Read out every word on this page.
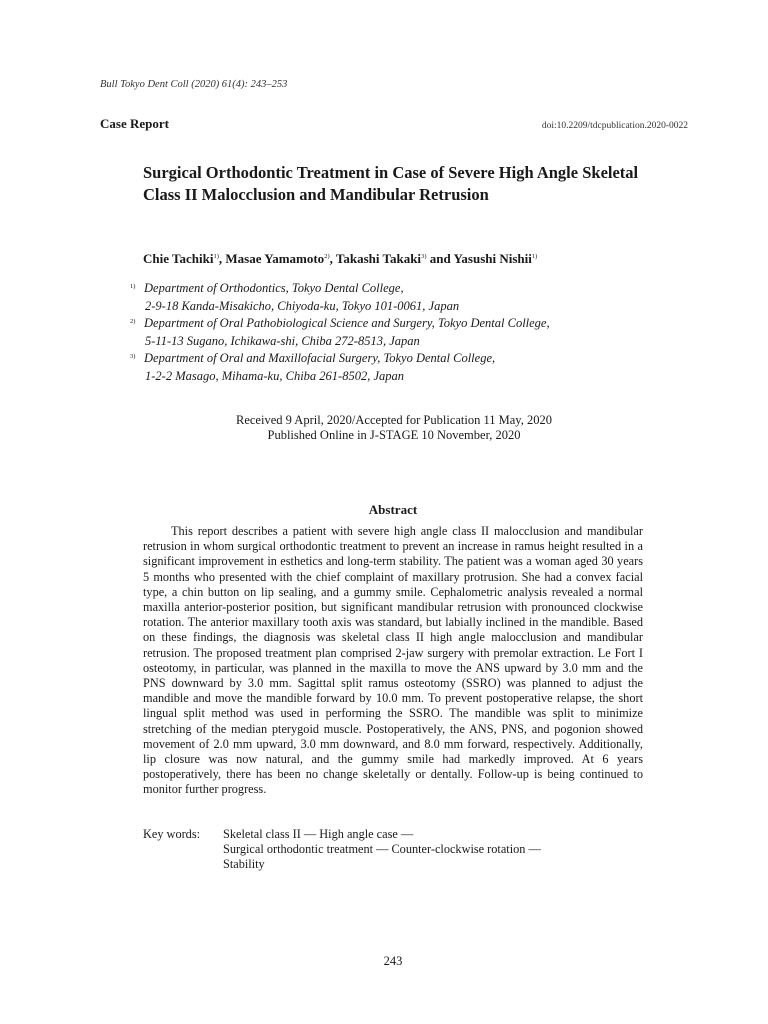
Bull Tokyo Dent Coll (2020) 61(4): 243–253
Case Report	doi:10.2209/tdcpublication.2020-0022
Surgical Orthodontic Treatment in Case of Severe High Angle Skeletal Class II Malocclusion and Mandibular Retrusion
Chie Tachiki$^{1)}$, Masae Yamamoto$^{2)}$, Takashi Takaki$^{3)}$ and Yasushi Nishii$^{1)}$
1) Department of Orthodontics, Tokyo Dental College,
2-9-18 Kanda-Misakicho, Chiyoda-ku, Tokyo 101-0061, Japan
2) Department of Oral Pathobiological Science and Surgery, Tokyo Dental College,
5-11-13 Sugano, Ichikawa-shi, Chiba 272-8513, Japan
3) Department of Oral and Maxillofacial Surgery, Tokyo Dental College,
1-2-2 Masago, Mihama-ku, Chiba 261-8502, Japan
Received 9 April, 2020/Accepted for Publication 11 May, 2020
Published Online in J-STAGE 10 November, 2020
Abstract

This report describes a patient with severe high angle class II malocclusion and mandibular retrusion in whom surgical orthodontic treatment to prevent an increase in ramus height resulted in a significant improvement in esthetics and long-term stability. The patient was a woman aged 30 years 5 months who presented with the chief complaint of maxillary protrusion. She had a convex facial type, a chin button on lip sealing, and a gummy smile. Cephalometric analysis revealed a normal maxilla anterior-posterior position, but significant mandibular retrusion with pronounced clockwise rotation. The anterior maxillary tooth axis was standard, but labially inclined in the mandible. Based on these findings, the diagnosis was skeletal class II high angle malocclusion and mandibular retrusion. The proposed treatment plan comprised 2-jaw surgery with premolar extraction. Le Fort I osteotomy, in particular, was planned in the maxilla to move the ANS upward by 3.0 mm and the PNS downward by 3.0 mm. Sagittal split ramus osteotomy (SSRO) was planned to adjust the mandible and move the mandible forward by 10.0 mm. To prevent postoperative relapse, the short lingual split method was used in performing the SSRO. The mandible was split to minimize stretching of the median pterygoid muscle. Postoperatively, the ANS, PNS, and pogonion showed movement of 2.0 mm upward, 3.0 mm downward, and 8.0 mm forward, respectively. Additionally, lip closure was now natural, and the gummy smile had markedly improved. At 6 years postoperatively, there has been no change skeletally or dentally. Follow-up is being continued to monitor further progress.

Key words:	Skeletal class II — High angle case —
Surgical orthodontic treatment — Counter-clockwise rotation —
Stability
243
